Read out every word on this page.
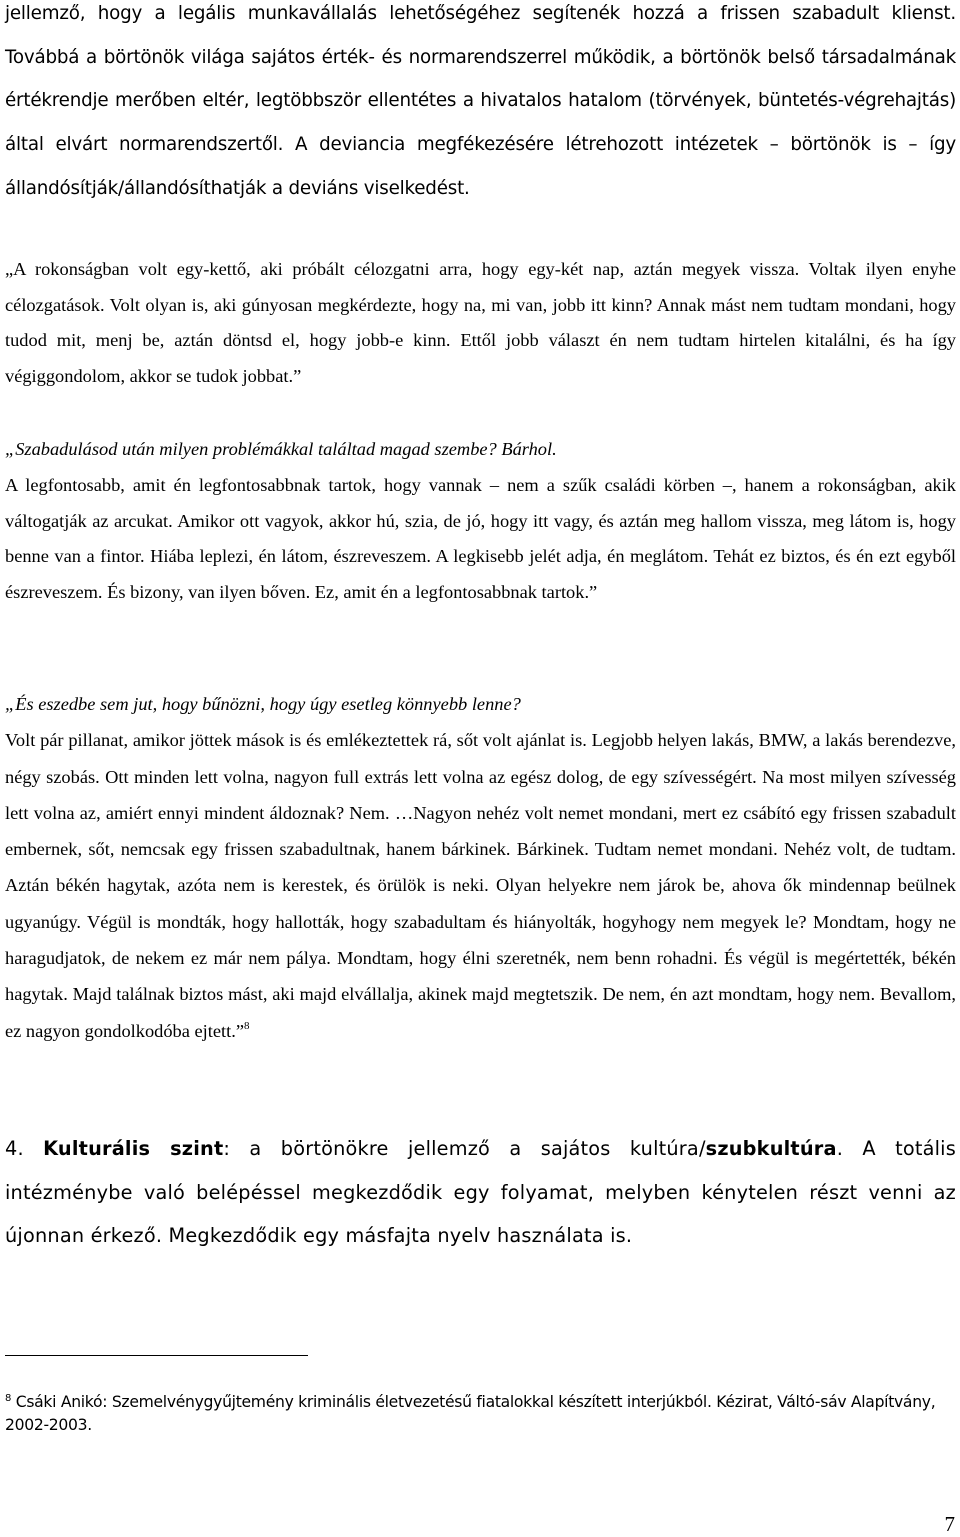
jellemző, hogy a legális munkavállalás lehetőségéhez segítenék hozzá a frissen szabadult klienst. Továbbá a börtönök világa sajátos érték- és normarendszerrel működik, a börtönök belső társadalmának értékrendje merőben eltér, legtöbbször ellentétes a hivatalos hatalom (törvények, büntetés-végrehajtás) által elvárt normarendszertől. A deviancia megfékezésére létrehozott intézetek – börtönök is – így állandósítják/állandósíthatják a deviáns viselkedést.

„A rokonságban volt egy-kettő, aki próbált célozgatni arra, hogy egy-két nap, aztán megyek vissza. Voltak ilyen enyhe célozgatások. Volt olyan is, aki gúnyosan megkérdezte, hogy na, mi van, jobb itt kinn? Annak mást nem tudtam mondani, hogy tudod mit, menj be, aztán döntsd el, hogy jobb-e kinn. Ettől jobb választ én nem tudtam hirtelen kitalálni, és ha így végiggondolom, akkor se tudok jobbat.”

„Szabadulásod után milyen problémákkal találtad magad szembe? Bárhol.
A legfontosabb, amit én legfontosabbnak tartok, hogy vannak – nem a szűk családi körben –, hanem a rokonságban, akik váltogatják az arcukat. Amikor ott vagyok, akkor hú, szia, de jó, hogy itt vagy, és aztán meg hallom vissza, meg látom is, hogy benne van a fintor. Hiába leplezi, én látom, észreveszem. A legkisebb jelét adja, én meglátom. Tehát ez biztos, és én ezt egyből észreveszem. És bizony, van ilyen bőven. Ez, amit én a legfontosabbnak tartok.”
„És eszedbe sem jut, hogy bűnözni, hogy úgy esetleg könnyebb lenne?
Volt pár pillanat, amikor jöttek mások is és emlékeztettek rá, sőt volt ajánlat is. Legjobb helyen lakás, BMW, a lakás berendezve, négy szobás. Ott minden lett volna, nagyon full extrás lett volna az egész dolog, de egy szívességért. Na most milyen szívesség lett volna az, amiért ennyi mindent áldoznak? Nem. …Nagyon nehéz volt nemet mondani, mert ez csábító egy frissen szabadult embernek, sőt, nemcsak egy frissen szabadultnak, hanem bárkinek. Bárkinek. Tudtam nemet mondani. Nehéz volt, de tudtam. Aztán békén hagytak, azóta nem is kerestek, és örülök is neki. Olyan helyekre nem járok be, ahova ők mindennap beülnek ugyanúgy. Végül is mondták, hogy hallották, hogy szabadultam és hiányolták, hogyhogy nem megyek le? Mondtam, hogy ne haragudjatok, de nekem ez már nem pálya. Mondtam, hogy élni szeretnék, nem benn rohadni. És végül is megértették, békén hagytak. Majd találnak biztos mást, aki majd elvállalja, akinek majd megtetszik. De nem, én azt mondtam, hogy nem. Bevallom, ez nagyon gondolkodóba ejtett.”$^8$

4. Kulturális szint: a börtönökre jellemző a sajátos kultúra/szubkultúra. A totális intézménybe való belépéssel megkezdődik egy folyamat, melyben kénytelen részt venni az újonnan érkező. Megkezdődik egy másfajta nyelv használata is.

$^8$ Csáki Anikó: Szemelvénygyűjtemény kriminális életvezetésű fiatalokkal készített interjúkból. Kézirat, Váltó-sáv Alapítvány, 2002-2003.

7
